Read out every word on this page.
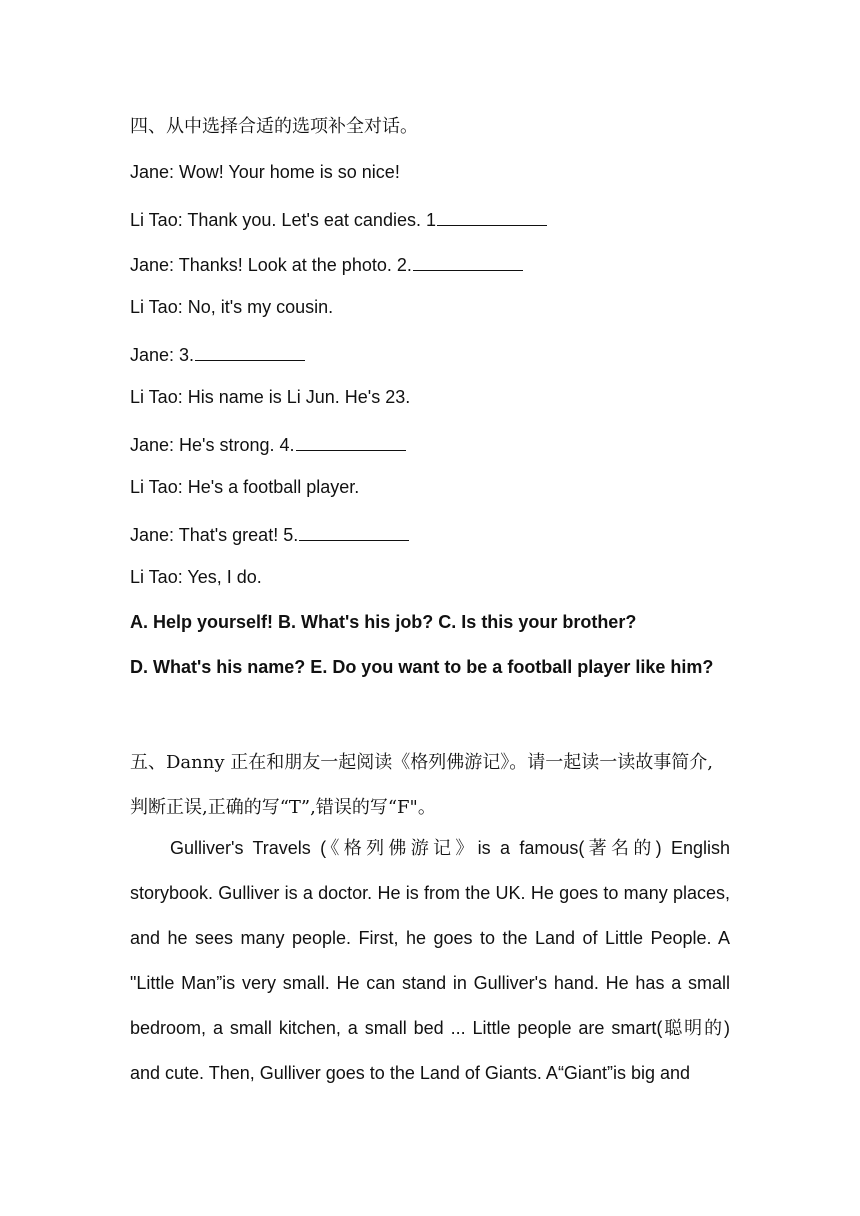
四、从中选择合适的选项补全对话。
Jane: Wow! Your home is so nice!
Li Tao: Thank you. Let's eat candies. 1
Jane: Thanks! Look at the photo. 2.
Li Tao: No, it's my cousin.
Jane: 3.
Li Tao: His name is Li Jun. He's 23.
Jane: He's strong. 4.
Li Tao: He's a football player.
Jane: That's great! 5.
Li Tao: Yes, I do.
A. Help yourself! B. What's his job? C. Is this your brother?
D. What's his name? E. Do you want to be a football player like him?
五、Danny 正在和朋友一起阅读《格列佛游记》。请一起读一读故事简介,判断正误,正确的写“T”,错误的写“F"。
Gulliver's Travels (《格列佛游记》is a famous(著名的) English storybook. Gulliver is a doctor. He is from the UK. He goes to many places, and he sees many people. First, he goes to the Land of Little People. A "Little Man”is very small. He can stand in Gulliver's hand. He has a small bedroom, a small kitchen, a small bed ... Little people are smart(聪明的) and cute. Then, Gulliver goes to the Land of Giants. A“Giant”is big and
